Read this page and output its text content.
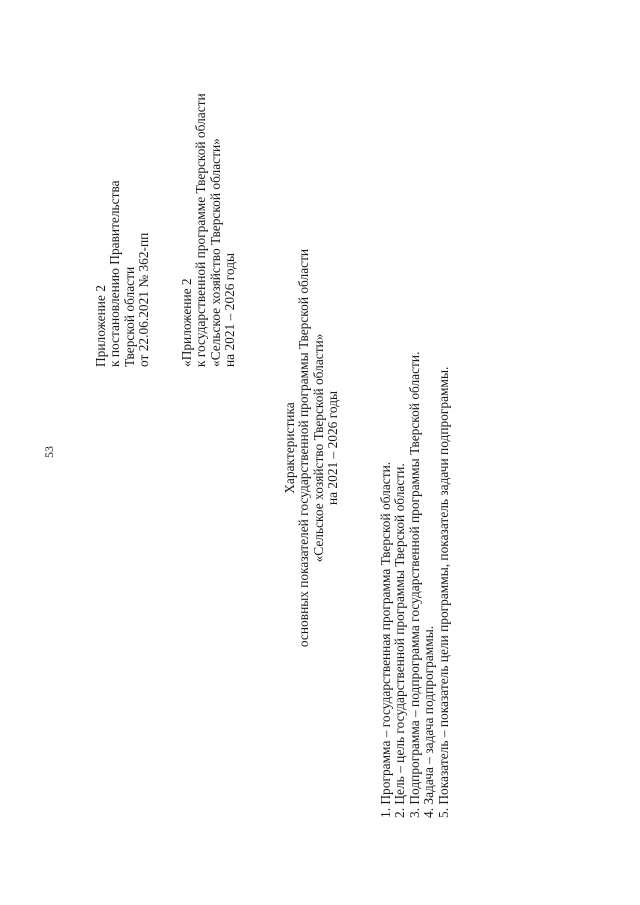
53
Приложение 2 к постановлению Правительства Тверской области от 22.06.2021 № 362-пп «Приложение 2 к государственной программе Тверской области «Сельское хозяйство Тверской области» на 2021 – 2026 годы
Характеристика основных показателей государственной программы Тверской области «Сельское хозяйство Тверской области» на 2021 – 2026 годы
1. Программа – государственная программа Тверской области. 2. Цель – цель государственной программы Тверской области. 3. Подпрограмма – подпрограмма государственной программы Тверской области. 4. Задача – задача подпрограммы. 5. Показатель – показатель цели программы, показатель задачи подпрограммы.
